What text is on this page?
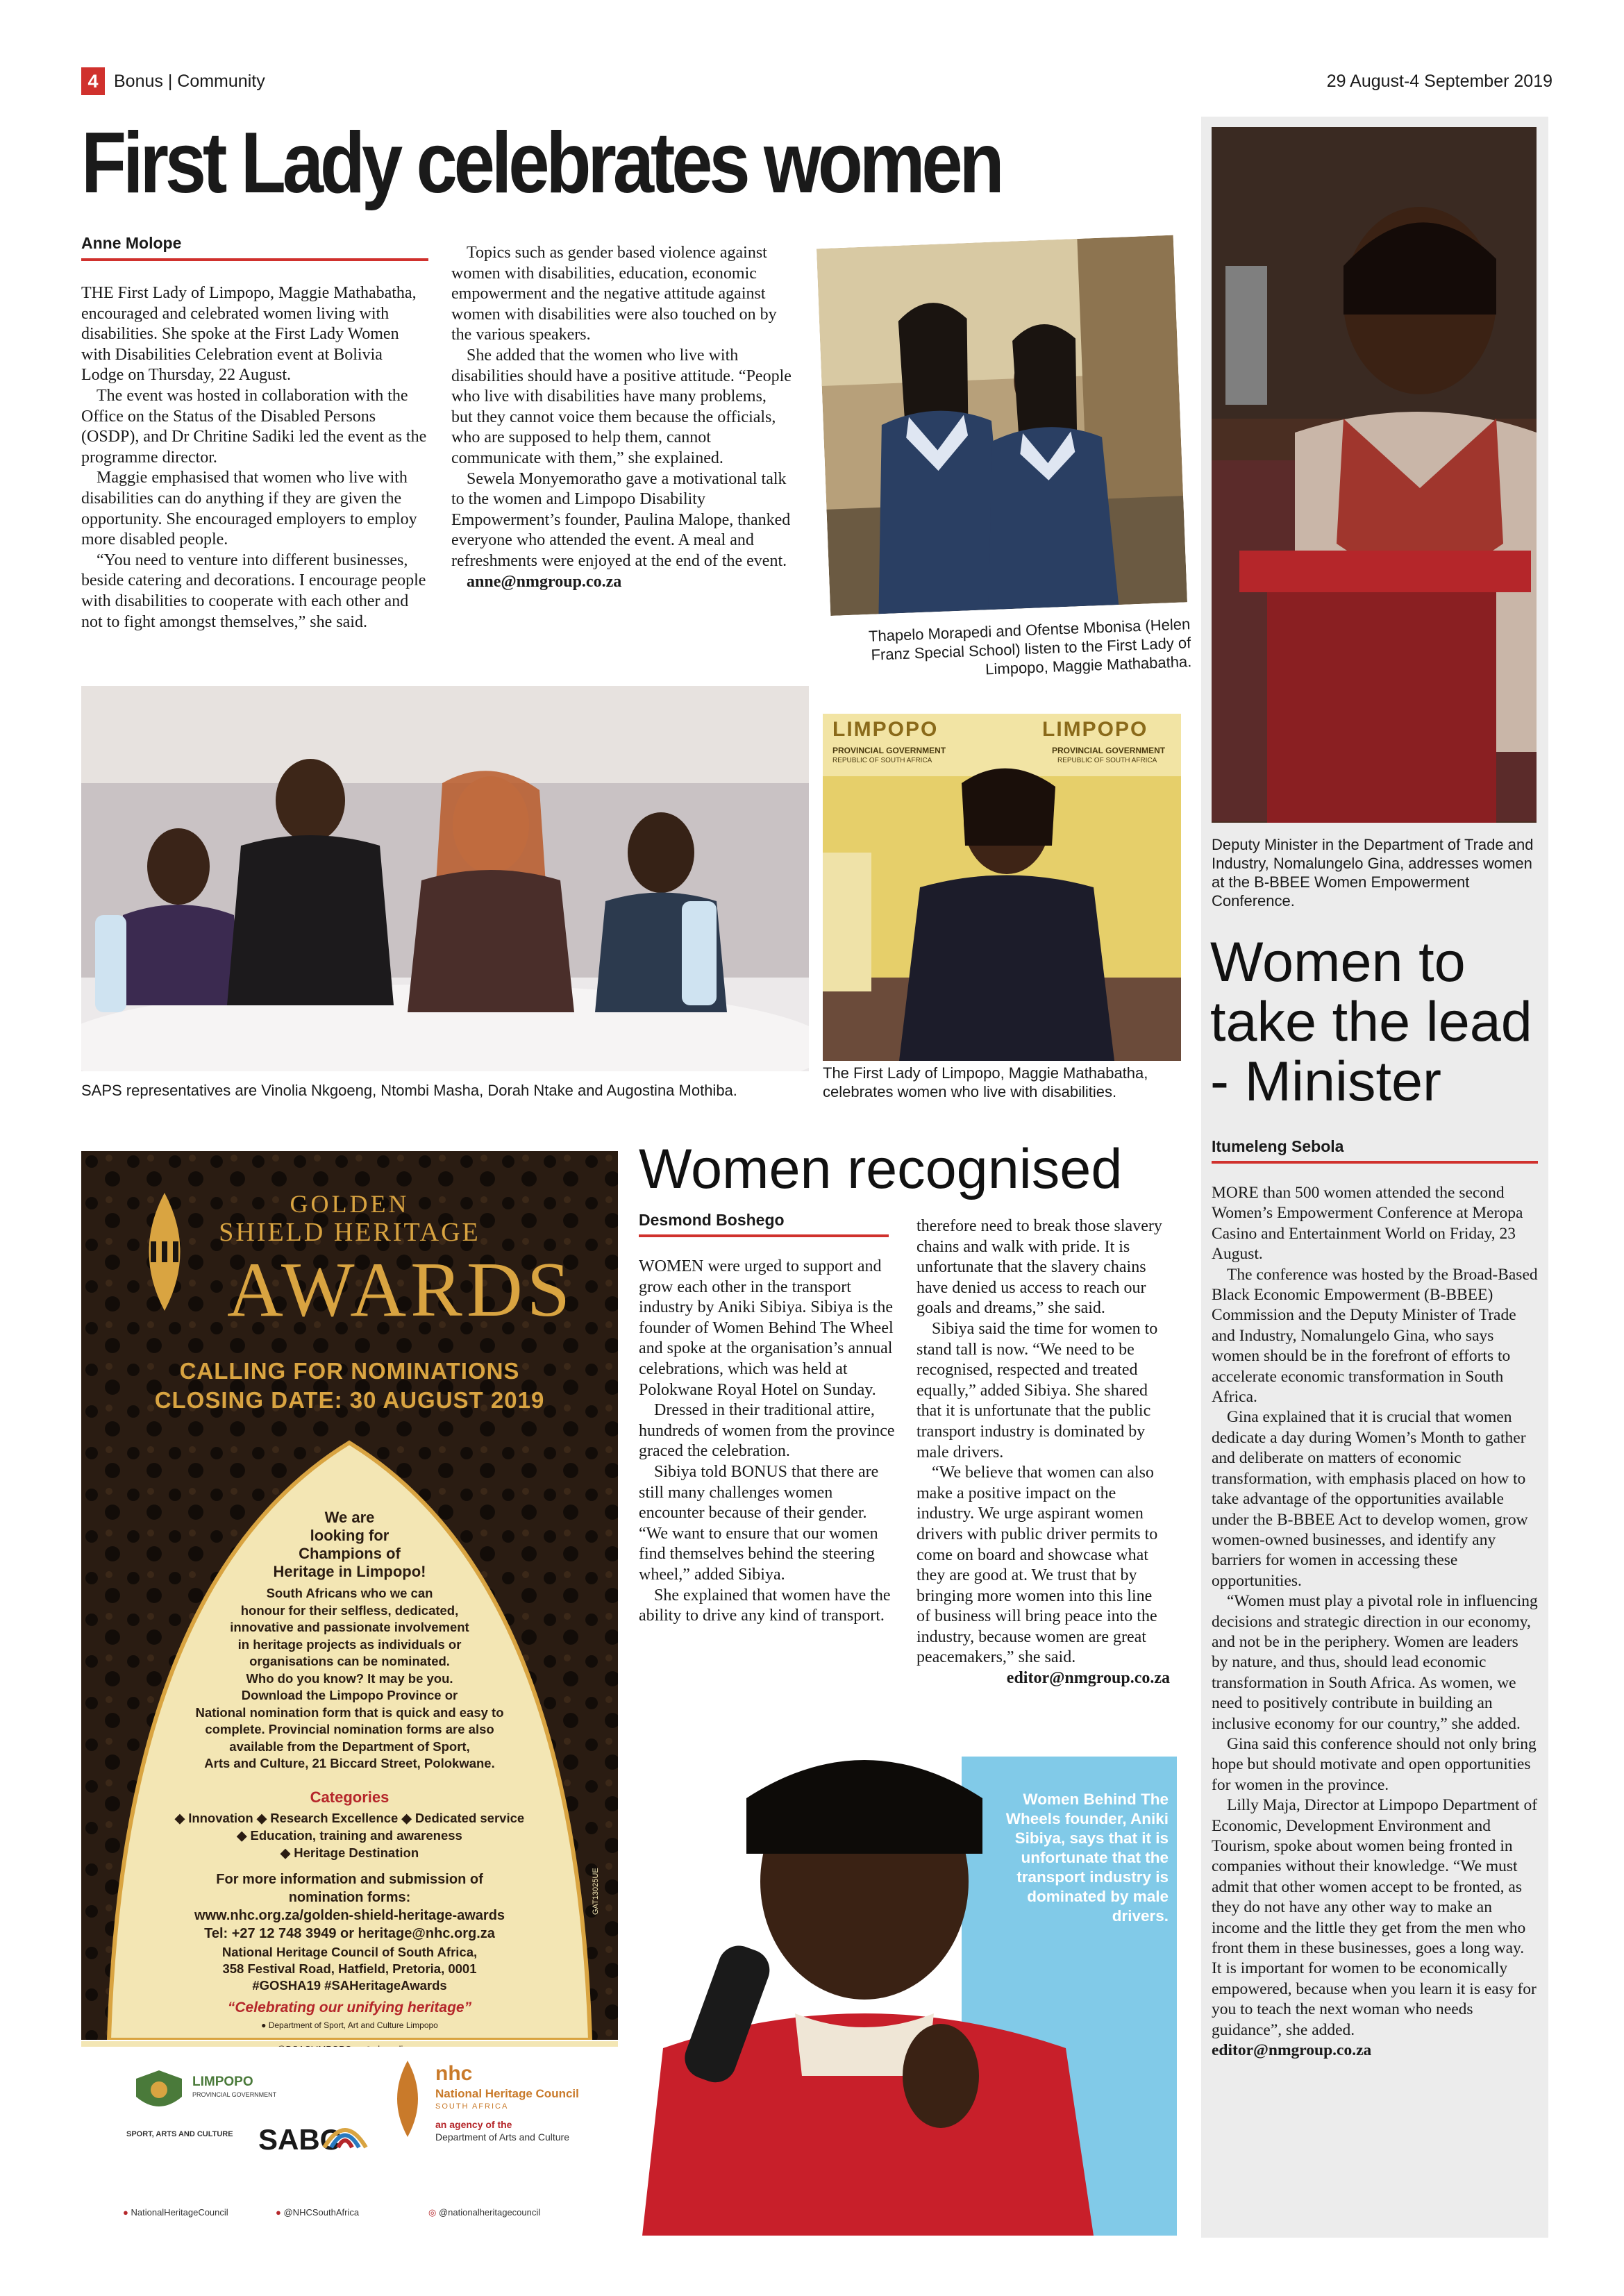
4 Bonus | Community	29 August-4 September 2019
First Lady celebrates women
Anne Molope

THE First Lady of Limpopo, Maggie Mathabatha, encouraged and celebrated women living with disabilities. She spoke at the First Lady Women with Disabilities Celebration event at Bolivia Lodge on Thursday, 22 August.

The event was hosted in collaboration with the Office on the Status of the Disabled Persons (OSDP), and Dr Chritine Sadiki led the event as the programme director.

Maggie emphasised that women who live with disabilities can do anything if they are given the opportunity. She encouraged employers to employ more disabled people.

“You need to venture into different businesses, beside catering and decorations. I encourage people with disabilities to cooperate with each other and not to fight amongst themselves,” she said.

Topics such as gender based violence against women with disabilities, education, economic empowerment and the negative attitude against women with disabilities were also touched on by the various speakers.

She added that the women who live with disabilities should have a positive attitude. “People who live with disabilities have many problems, but they cannot voice them because the officials, who are supposed to help them, cannot communicate with them,” she explained.

Sewela Monyemoratho gave a motivational talk to the women and Limpopo Disability Empowerment’s founder, Paulina Malope, thanked everyone who attended the event. A meal and refreshments were enjoyed at the end of the event.

anne@nmgroup.co.za

Thapelo Morapedi and Ofentse Mbonisa (Helen Franz Special School) listen to the First Lady of Limpopo, Maggie Mathabatha.
SAPS representatives are Vinolia Nkgoeng, Ntombi Masha, Dorah Ntake and Augostina Mothiba.
LIMPOPO
PROVINCIAL GOVERNMENT
REPUBLIC OF SOUTH AFRICA
LIMPOPO
PROVINCIAL GOVERNMENT
REPUBLIC OF SOUTH AFRICA
The First Lady of Limpopo, Maggie Mathabatha, celebrates women who live with disabilities.
Deputy Minister in the Department of Trade and Industry, Nomalungelo Gina, addresses women at the B-BBEE Women Empowerment Conference.
Women to
take the lead
- Minister
Itumeleng Sebola

MORE than 500 women attended the second Women’s Empowerment Conference at Meropa Casino and Entertainment World on Friday, 23 August.

The conference was hosted by the Broad-Based Black Economic Empowerment (B-BBEE) Commission and the Deputy Minister of Trade and Industry, Nomalungelo Gina, who says women should be in the forefront of efforts to accelerate economic transformation in South Africa.

Gina explained that it is crucial that women dedicate a day during Women’s Month to gather and deliberate on matters of economic transformation, with emphasis placed on how to take advantage of the opportunities available under the B-BBEE Act to develop women, grow women-owned businesses, and identify any barriers for women in accessing these opportunities.

“Women must play a pivotal role in influencing decisions and strategic direction in our economy, and not be in the periphery. Women are leaders by nature, and thus, should lead economic transformation in South Africa. As women, we need to positively contribute in building an inclusive economy for our country,” she added.

Gina said this conference should not only bring hope but should motivate and open opportunities for women in the province.

Lilly Maja, Director at Limpopo Department of Economic, Development Environment and Tourism, spoke about women being fronted in companies without their knowledge. “We must admit that other women accept to be fronted, as they do not have any other way to make an income and the little they get from the men who front them in these businesses, goes a long way. It is important for women to be economically empowered, because when you learn it is easy for you to teach the next woman who needs guidance”, she added.

editor@nmgroup.co.za

Women recognised
Desmond Boshego

WOMEN were urged to support and grow each other in the transport industry by Aniki Sibiya. Sibiya is the founder of Women Behind The Wheel and spoke at the organisation’s annual celebrations, which was held at Polokwane Royal Hotel on Sunday.

Dressed in their traditional attire, hundreds of women from the province graced the celebration.

Sibiya told BONUS that there are still many challenges women encounter because of their gender. “We want to ensure that our women find themselves behind the steering wheel,” added Sibiya.

She explained that women have the ability to drive any kind of transport.

therefore need to break those slavery chains and walk with pride. It is unfortunate that the slavery chains have denied us access to reach our goals and dreams,” she said.

Sibiya said the time for women to stand tall is now. “We need to be recognised, respected and treated equally,” added Sibiya. She shared that it is unfortunate that the public transport industry is dominated by male drivers.

“We believe that women can also make a positive impact on the industry. We urge aspirant women drivers with public driver permits to come on board and showcase what they are good at. We trust that by bringing more women into this line of business will bring peace into the industry, because women are great peacemakers,” she said.

editor@nmgroup.co.za

Women Behind The Wheels founder, Aniki Sibiya, says that it is unfortunate that the transport industry is dominated by male drivers.
GOLDEN
SHIELD HERITAGE
AWARDS
CALLING FOR NOMINATIONS
CLOSING DATE: 30 AUGUST 2019
We are
looking for
Champions of
Heritage in Limpopo!
South Africans who we can
honour for their selfless, dedicated,
innovative and passionate involvement
in heritage projects as individuals or
organisations can be nominated.
Who do you know? It may be you.
Download the Limpopo Province or
National nomination form that is quick and easy to
complete. Provincial nomination forms are also
available from the Department of Sport,
Arts and Culture, 21 Biccard Street, Polokwane.
Categories
◆ Innovation ◆ Research Excellence ◆ Dedicated service
◆ Education, training and awareness
◆ Heritage Destination
For more information and submission of
nomination forms:
www.nhc.org.za/golden-shield-heritage-awards
Tel: +27 12 748 3949 or heritage@nhc.org.za
National Heritage Council of South Africa,
358 Festival Road, Hatfield, Pretoria, 0001
#GOSHA19 #SAHeritageAwards
“Celebrating our unifying heritage”
● Department of Sport, Art and Culture Limpopo
GAT13025UE

LIMPOPO
PROVINCIAL GOVERNMENT
SPORT, ARTS AND CULTURE SABC
nhc
National Heritage Council
SOUTH AFRICA
an agency of the
Department of Arts and Culture
● NationalHeritageCouncil	● @NHCSouthAfrica	◎ @nationalheritagecouncil
